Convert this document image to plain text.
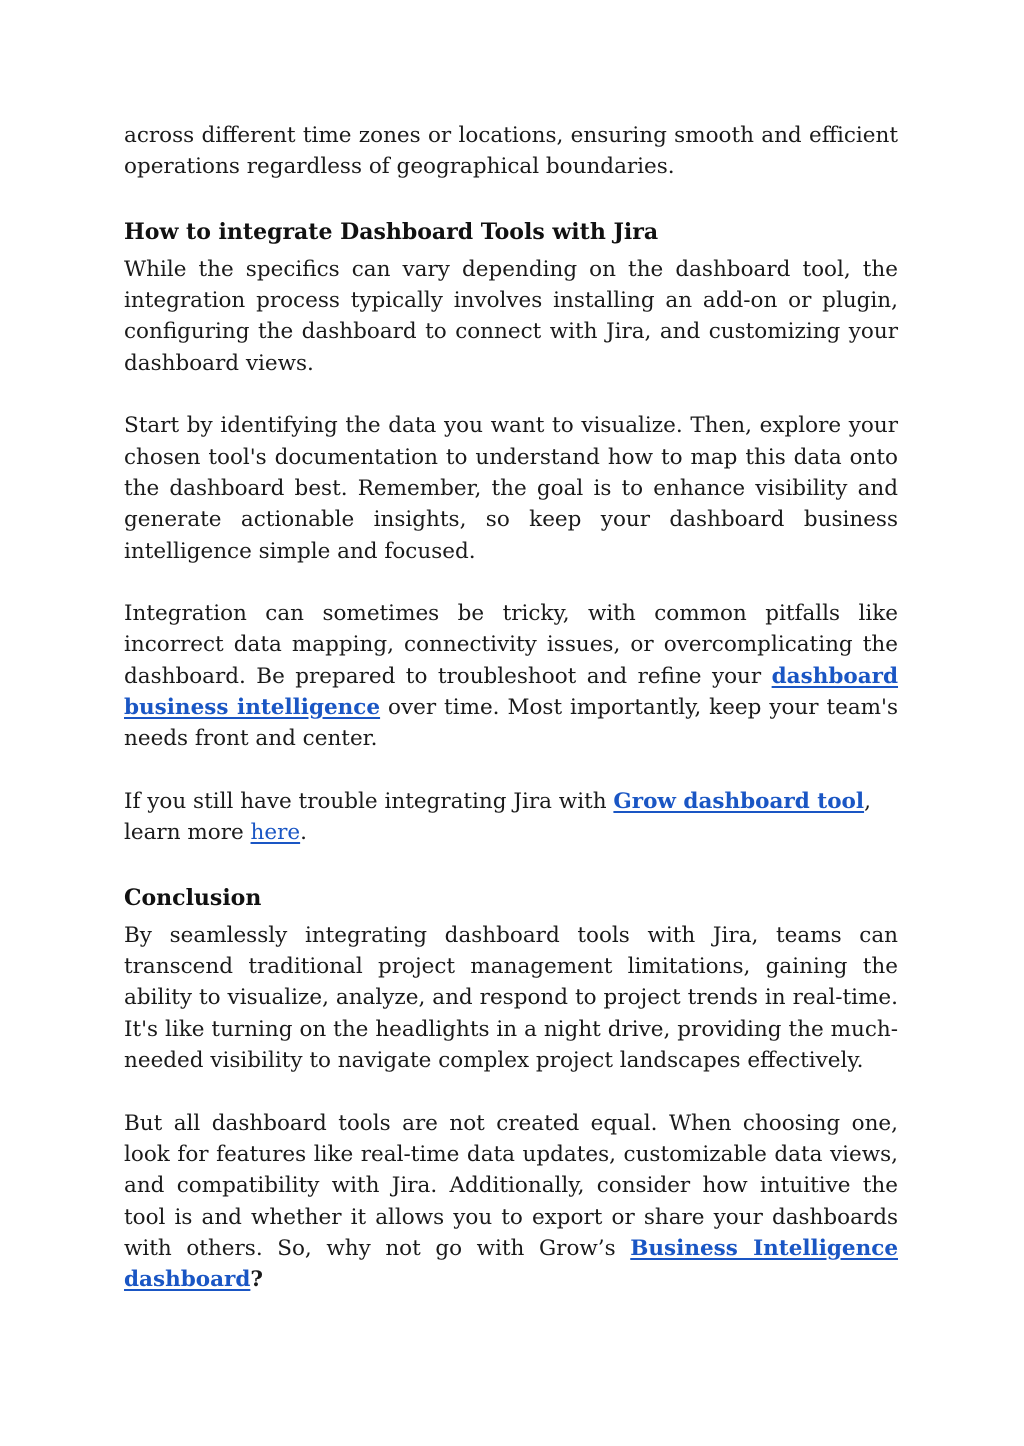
across different time zones or locations, ensuring smooth and efficient operations regardless of geographical boundaries.

How to integrate Dashboard Tools with Jira

While the specifics can vary depending on the dashboard tool, the integration process typically involves installing an add-on or plugin, configuring the dashboard to connect with Jira, and customizing your dashboard views.

Start by identifying the data you want to visualize. Then, explore your chosen tool's documentation to understand how to map this data onto the dashboard best. Remember, the goal is to enhance visibility and generate actionable insights, so keep your dashboard business intelligence simple and focused.

Integration can sometimes be tricky, with common pitfalls like incorrect data mapping, connectivity issues, or overcomplicating the dashboard. Be prepared to troubleshoot and refine your dashboard business intelligence over time. Most importantly, keep your team's needs front and center.

If you still have trouble integrating Jira with Grow dashboard tool, learn more here.

Conclusion

By seamlessly integrating dashboard tools with Jira, teams can transcend traditional project management limitations, gaining the ability to visualize, analyze, and respond to project trends in real-time. It's like turning on the headlights in a night drive, providing the much-needed visibility to navigate complex project landscapes effectively.

But all dashboard tools are not created equal. When choosing one, look for features like real-time data updates, customizable data views, and compatibility with Jira. Additionally, consider how intuitive the tool is and whether it allows you to export or share your dashboards with others. So, why not go with Grow’s Business Intelligence dashboard?
